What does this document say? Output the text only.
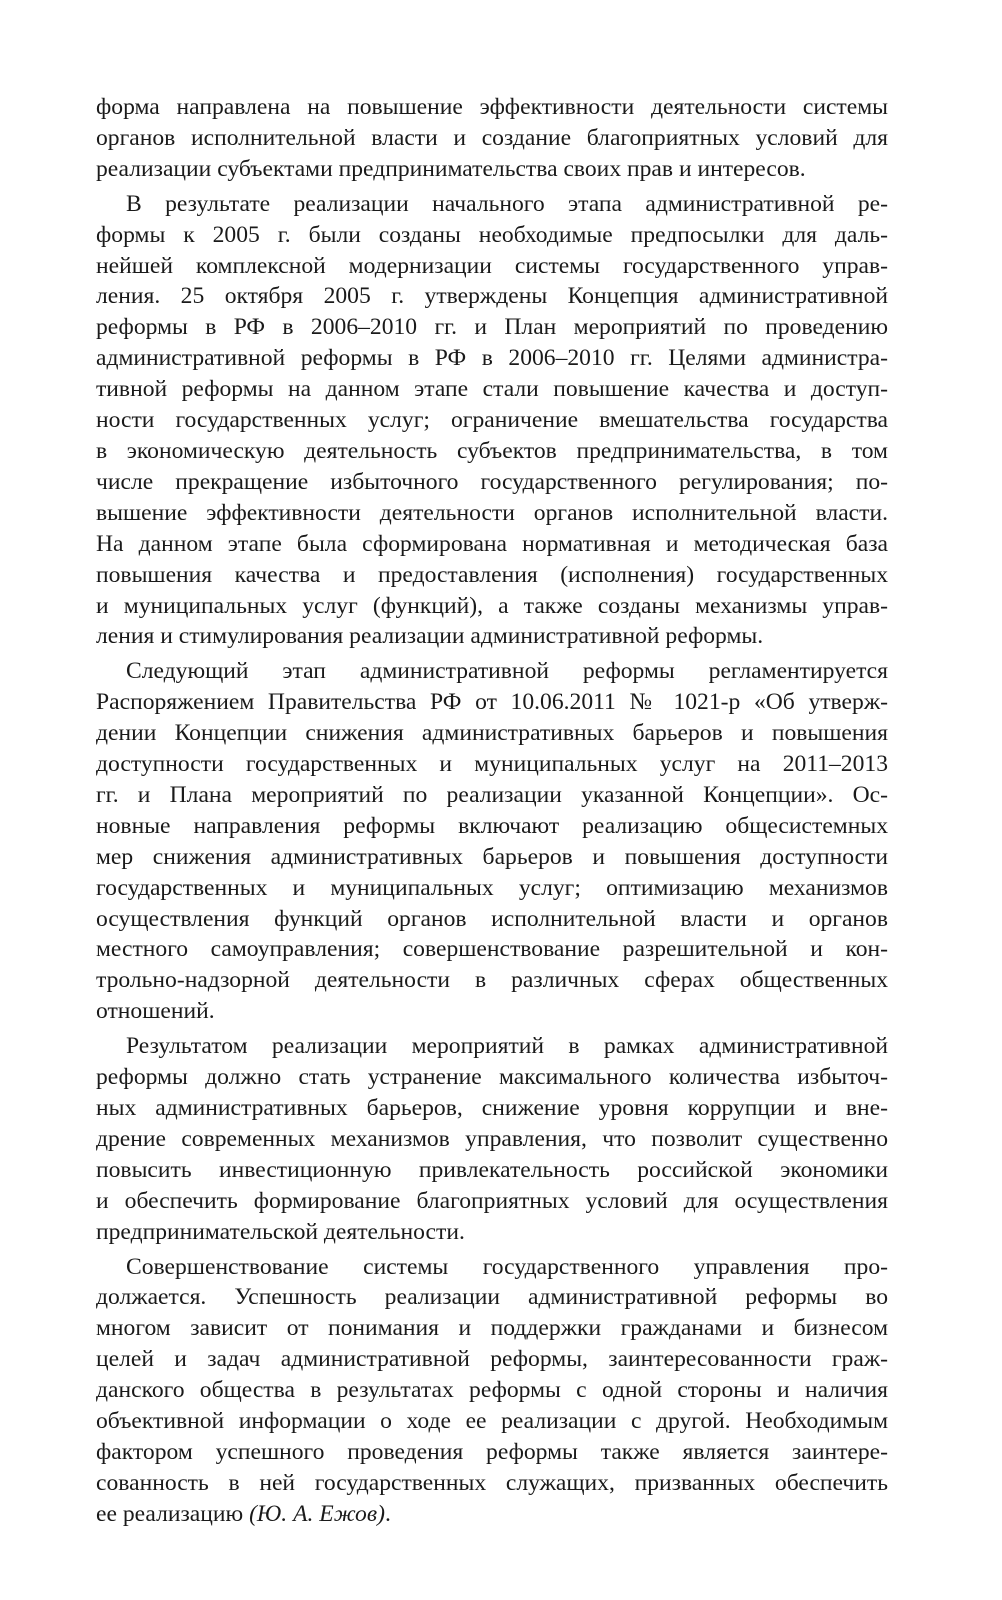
форма направлена на повышение эффективности деятельности системы
органов исполнительной власти и создание благоприятных условий для
реализации субъектами предпринимательства своих прав и интересов.

В результате реализации начального этапа административной ре-
формы к 2005 г. были созданы необходимые предпосылки для даль-
нейшей комплексной модернизации системы государственного управ-
ления. 25 октября 2005 г. утверждены Концепция административной
реформы в РФ в 2006–2010 гг. и План мероприятий по проведению
административной реформы в РФ в 2006–2010 гг. Целями администра-
тивной реформы на данном этапе стали повышение качества и доступ-
ности государственных услуг; ограничение вмешательства государства
в экономическую деятельность субъектов предпринимательства, в том
числе прекращение избыточного государственного регулирования; по-
вышение эффективности деятельности органов исполнительной власти.
На данном этапе была сформирована нормативная и методическая база
повышения качества и предоставления (исполнения) государственных
и муниципальных услуг (функций), а также созданы механизмы управ-
ления и стимулирования реализации административной реформы.

Следующий этап административной реформы регламентируется
Распоряжением Правительства РФ от 10.06.2011 № 1021-р «Об утверж-
дении Концепции снижения административных барьеров и повышения
доступности государственных и муниципальных услуг на 2011–2013
гг. и Плана мероприятий по реализации указанной Концепции». Ос-
новные направления реформы включают реализацию общесистемных
мер снижения административных барьеров и повышения доступности
государственных и муниципальных услуг; оптимизацию механизмов
осуществления функций органов исполнительной власти и органов
местного самоуправления; совершенствование разрешительной и кон-
трольно-надзорной деятельности в различных сферах общественных
отношений.

Результатом реализации мероприятий в рамках административной
реформы должно стать устранение максимального количества избыточ-
ных административных барьеров, снижение уровня коррупции и вне-
дрение современных механизмов управления, что позволит существенно
повысить инвестиционную привлекательность российской экономики
и обеспечить формирование благоприятных условий для осуществления
предпринимательской деятельности.

Совершенствование системы государственного управления про-
должается. Успешность реализации административной реформы во
многом зависит от понимания и поддержки гражданами и бизнесом
целей и задач административной реформы, заинтересованности граж-
данского общества в результатах реформы с одной стороны и наличия
объективной информации о ходе ее реализации с другой. Необходимым
фактором успешного проведения реформы также является заинтере-
сованность в ней государственных служащих, призванных обеспечить
ее реализацию (Ю. А. Ежов).
